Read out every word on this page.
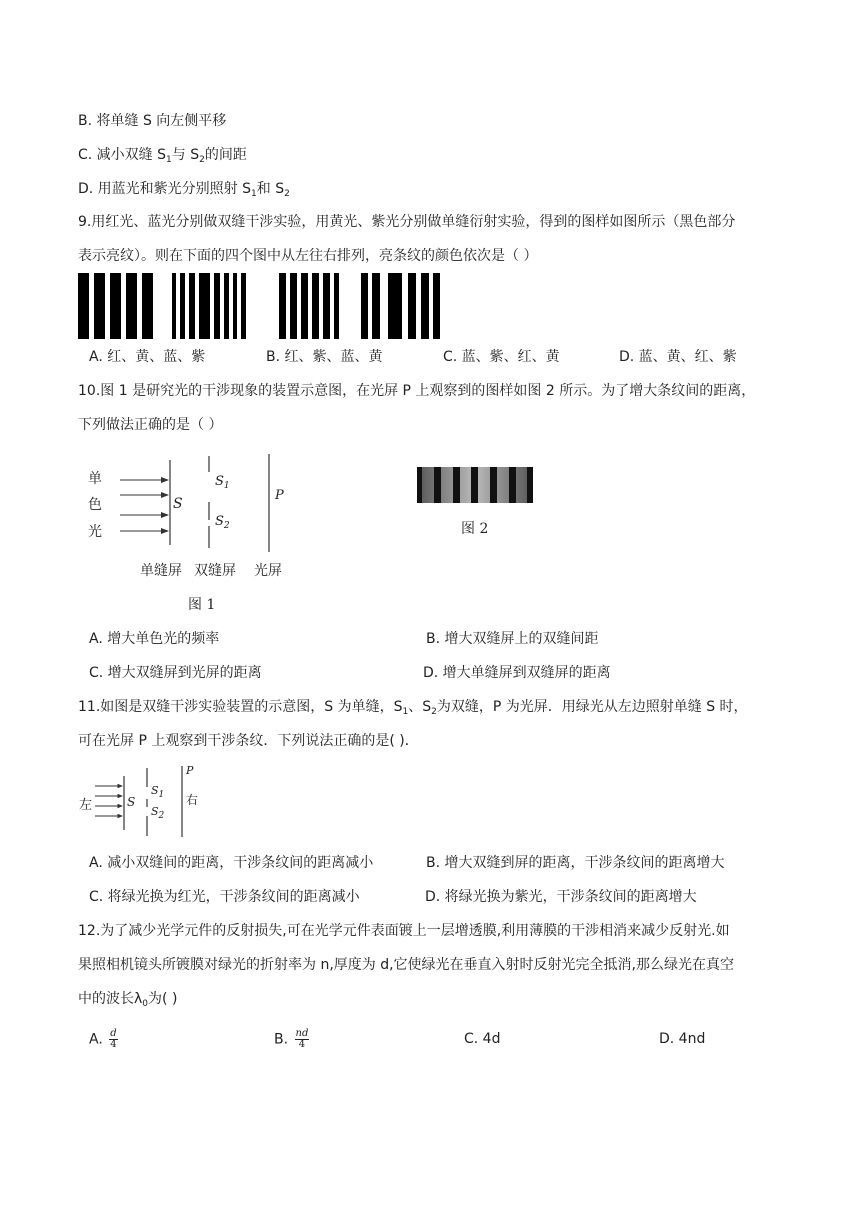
B. 将单缝 S 向左侧平移
C. 减小双缝 $S_1$与 $S_2$的间距
D. 用蓝光和紫光分别照射 $S_1$和 $S_2$
9.用红光、蓝光分别做双缝干涉实验，用黄光、紫光分别做单缝衍射实验，得到的图样如图所示（黑色部分
表示亮纹）。则在下面的四个图中从左往右排列，亮条纹的颜色依次是（ ）
A. 红、黄、蓝、紫	B. 红、紫、蓝、黄	C. 蓝、紫、红、黄	D. 蓝、黄、红、紫
10.图 1 是研究光的干涉现象的装置示意图，在光屏 P 上观察到的图样如图 2 所示。为了增大条纹间的距离，
下列做法正确的是（ ）
单
色
光
S
$S_1$
$S_2$
P
单缝屏 双缝屏 光屏
图 1
图 2
A. 增大单色光的频率	B. 增大双缝屏上的双缝间距
C. 增大双缝屏到光屏的距离	D. 增大单缝屏到双缝屏的距离
11.如图是双缝干涉实验装置的示意图，S 为单缝，$S_1$、$S_2$为双缝，P 为光屏．用绿光从左边照射单缝 S 时，
可在光屏 P 上观察到干涉条纹．下列说法正确的是( )．
左	S
$S_1$
$S_2$
P
右
A. 减小双缝间的距离，干涉条纹间的距离减小	B. 增大双缝到屏的距离，干涉条纹间的距离增大
C. 将绿光换为红光，干涉条纹间的距离减小	D. 将绿光换为紫光，干涉条纹间的距离增大
12.为了减少光学元件的反射损失,可在光学元件表面镀上一层增透膜,利用薄膜的干涉相消来减少反射光.如
果照相机镜头所镀膜对绿光的折射率为 n,厚度为 d,它使绿光在垂直入射时反射光完全抵消,那么绿光在真空
中的波长$\lambda_0$为( )
A. $\frac{d}{4}$	B. $\frac{nd}{4}$	C. 4d	D. 4nd
